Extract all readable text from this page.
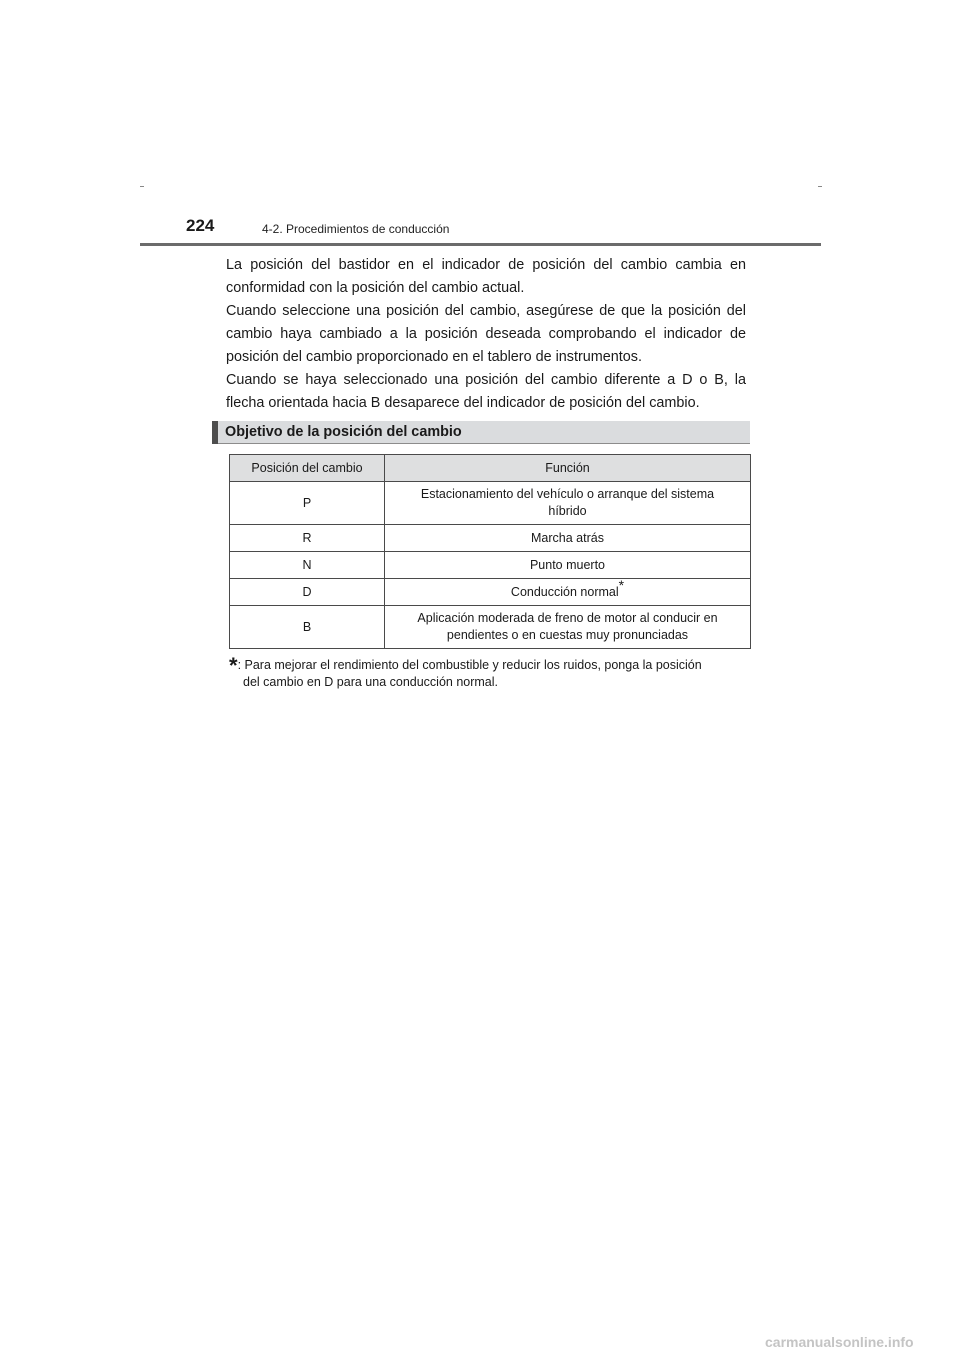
224	4-2. Procedimientos de conducción

La posición del bastidor en el indicador de posición del cambio cambia en conformidad con la posición del cambio actual.

Cuando seleccione una posición del cambio, asegúrese de que la posición del cambio haya cambiado a la posición deseada comprobando el indicador de posición del cambio proporcionado en el tablero de instrumentos.

Cuando se haya seleccionado una posición del cambio diferente a D o B, la flecha orientada hacia B desaparece del indicador de posición del cambio.

Objetivo de la posición del cambio
Posición del cambio	Función
P	Estacionamiento del vehículo o arranque del sistema
híbrido
R	Marcha atrás
N	Punto muerto
D	Conducción normal*
B	Aplicación moderada de freno de motor al conducir en
pendientes o en cuestas muy pronunciadas
*: Para mejorar el rendimiento del combustible y reducir los ruidos, ponga la posición
del cambio en D para una conducción normal.
carmanualsonline.info
